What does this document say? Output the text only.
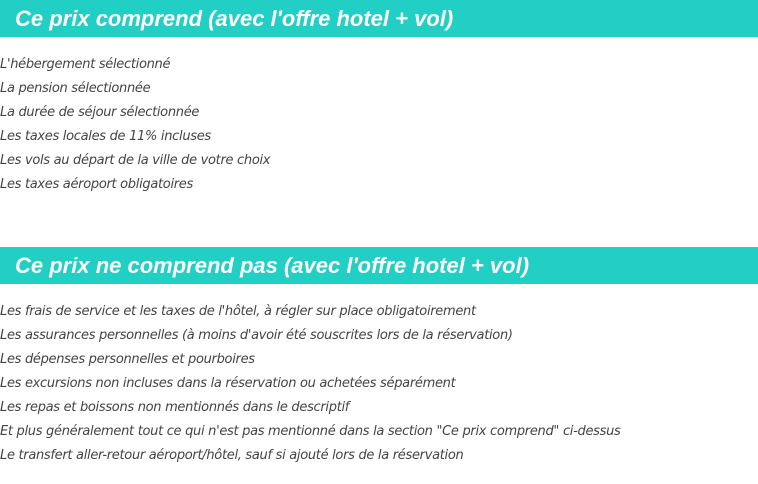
Ce prix comprend (avec l'offre hotel + vol)
L'hébergement sélectionné
La pension sélectionnée
La durée de séjour sélectionnée
Les taxes locales de 11% incluses
Les vols au départ de la ville de votre choix
Les taxes aéroport obligatoires
Ce prix ne comprend pas (avec l'offre hotel + vol)
Les frais de service et les taxes de l'hôtel, à régler sur place obligatoirement
Les assurances personnelles (à moins d'avoir été souscrites lors de la réservation)
Les dépenses personnelles et pourboires
Les excursions non incluses dans la réservation ou achetées séparément
Les repas et boissons non mentionnés dans le descriptif
Et plus généralement tout ce qui n'est pas mentionné dans la section "Ce prix comprend" ci-dessus
Le transfert aller-retour aéroport/hôtel, sauf si ajouté lors de la réservation
